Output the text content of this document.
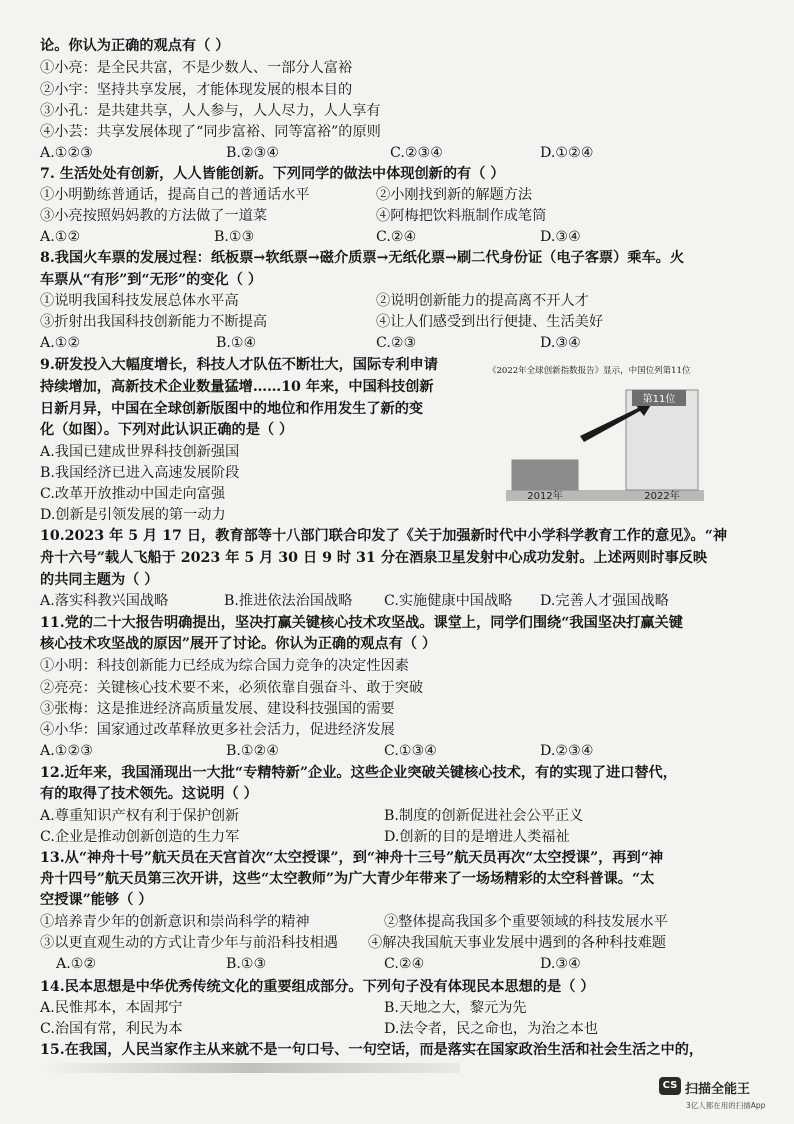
论。你认为正确的观点有（ ）
①小亮：是全民共富，不是少数人、一部分人富裕
②小宇：坚持共享发展，才能体现发展的根本目的
③小孔：是共建共享，人人参与，人人尽力，人人享有
④小芸：共享发展体现了“同步富裕、同等富裕”的原则
7. 生活处处有创新，人人皆能创新。下列同学的做法中体现创新的有（ ）
8.我国火车票的发展过程：纸板票→软纸票→磁介质票→无纸化票→刷二代身份证（电子客票）乘车。火
车票从“有形”到“无形”的变化（ ）
9.研发投入大幅度增长，科技人才队伍不断壮大，国际专利申请
持续增加，高新技术企业数量猛增……10 年来，中国科技创新
日新月异，中国在全球创新版图中的地位和作用发生了新的变
化（如图）。下列对此认识正确的是（ ）
A.我国已建成世界科技创新强国
B.我国经济已进入高速发展阶段
C.改革开放推动中国走向富强
D.创新是引领发展的第一动力
10.2023 年 5 月 17 日，教育部等十八部门联合印发了《关于加强新时代中小学科学教育工作的意见》。“神
舟十六号”载人飞船于 2023 年 5 月 30 日 9 时 31 分在酒泉卫星发射中心成功发射。上述两则时事反映
的共同主题为（ ）
11.党的二十大报告明确提出，坚决打赢关键核心技术攻坚战。课堂上，同学们围绕“我国坚决打赢关键
核心技术攻坚战的原因”展开了讨论。你认为正确的观点有（ ）
①小明：科技创新能力已经成为综合国力竞争的决定性因素
②亮亮：关键核心技术要不来，必须依靠自强奋斗、敢于突破
③张梅：这是推进经济高质量发展、建设科技强国的需要
④小华：国家通过改革释放更多社会活力，促进经济发展
12.近年来，我国涌现出一大批“专精特新”企业。这些企业突破关键核心技术，有的实现了进口替代，
有的取得了技术领先。这说明（ ）
13.从“神舟十号”航天员在天宫首次“太空授课”，到“神舟十三号”航天员再次“太空授课”，再到“神
舟十四号”航天员第三次开讲，这些“太空教师”为广大青少年带来了一场场精彩的太空科普课。“太
空授课”能够（ ）
14.民本思想是中华优秀传统文化的重要组成部分。下列句子没有体现民本思想的是（ ）
15.在我国，人民当家作主从来就不是一句口号、一句空话，而是落实在国家政治生活和社会生活之中的，
A.①②③	B.②③④	C.②③④	D.①②④
①小明勤练普通话，提高自己的普通话水平	②小刚找到新的解题方法
③小亮按照妈妈教的方法做了一道菜	④阿梅把饮料瓶制作成笔筒
A.①②	B.①③	C.②④	D.③④
①说明我国科技发展总体水平高	②说明创新能力的提高离不开人才
③折射出我国科技创新能力不断提高	④让人们感受到出行便捷、生活美好
A.①②	B.①④	C.②③	D.③④
A.落实科教兴国战略	B.推进依法治国战略 C.实施健康中国战略 D.完善人才强国战略
A.①②③	B.①②④	C.①③④	D.②③④
A.尊重知识产权有利于保护创新	B.制度的创新促进社会公平正义
C.企业是推动创新创造的生力军	D.创新的目的是增进人类福祉
①培养青少年的创新意识和崇尚科学的精神	②整体提高我国多个重要领域的科技发展水平
③以更直观生动的方式让青少年与前沿科技相遇 ④解决我国航天事业发展中遇到的各种科技难题
A.①②	B.①③	C.②④	D.③④
A.民惟邦本，本固邦宁	B.天地之大，黎元为先
C.治国有常，利民为本	D.法令者，民之命也，为治之本也
《2022年全球创新指数报告》显示，中国位列第11位
2012年	2022年
第11位
CS 扫描全能王
3亿人都在用的扫描App
